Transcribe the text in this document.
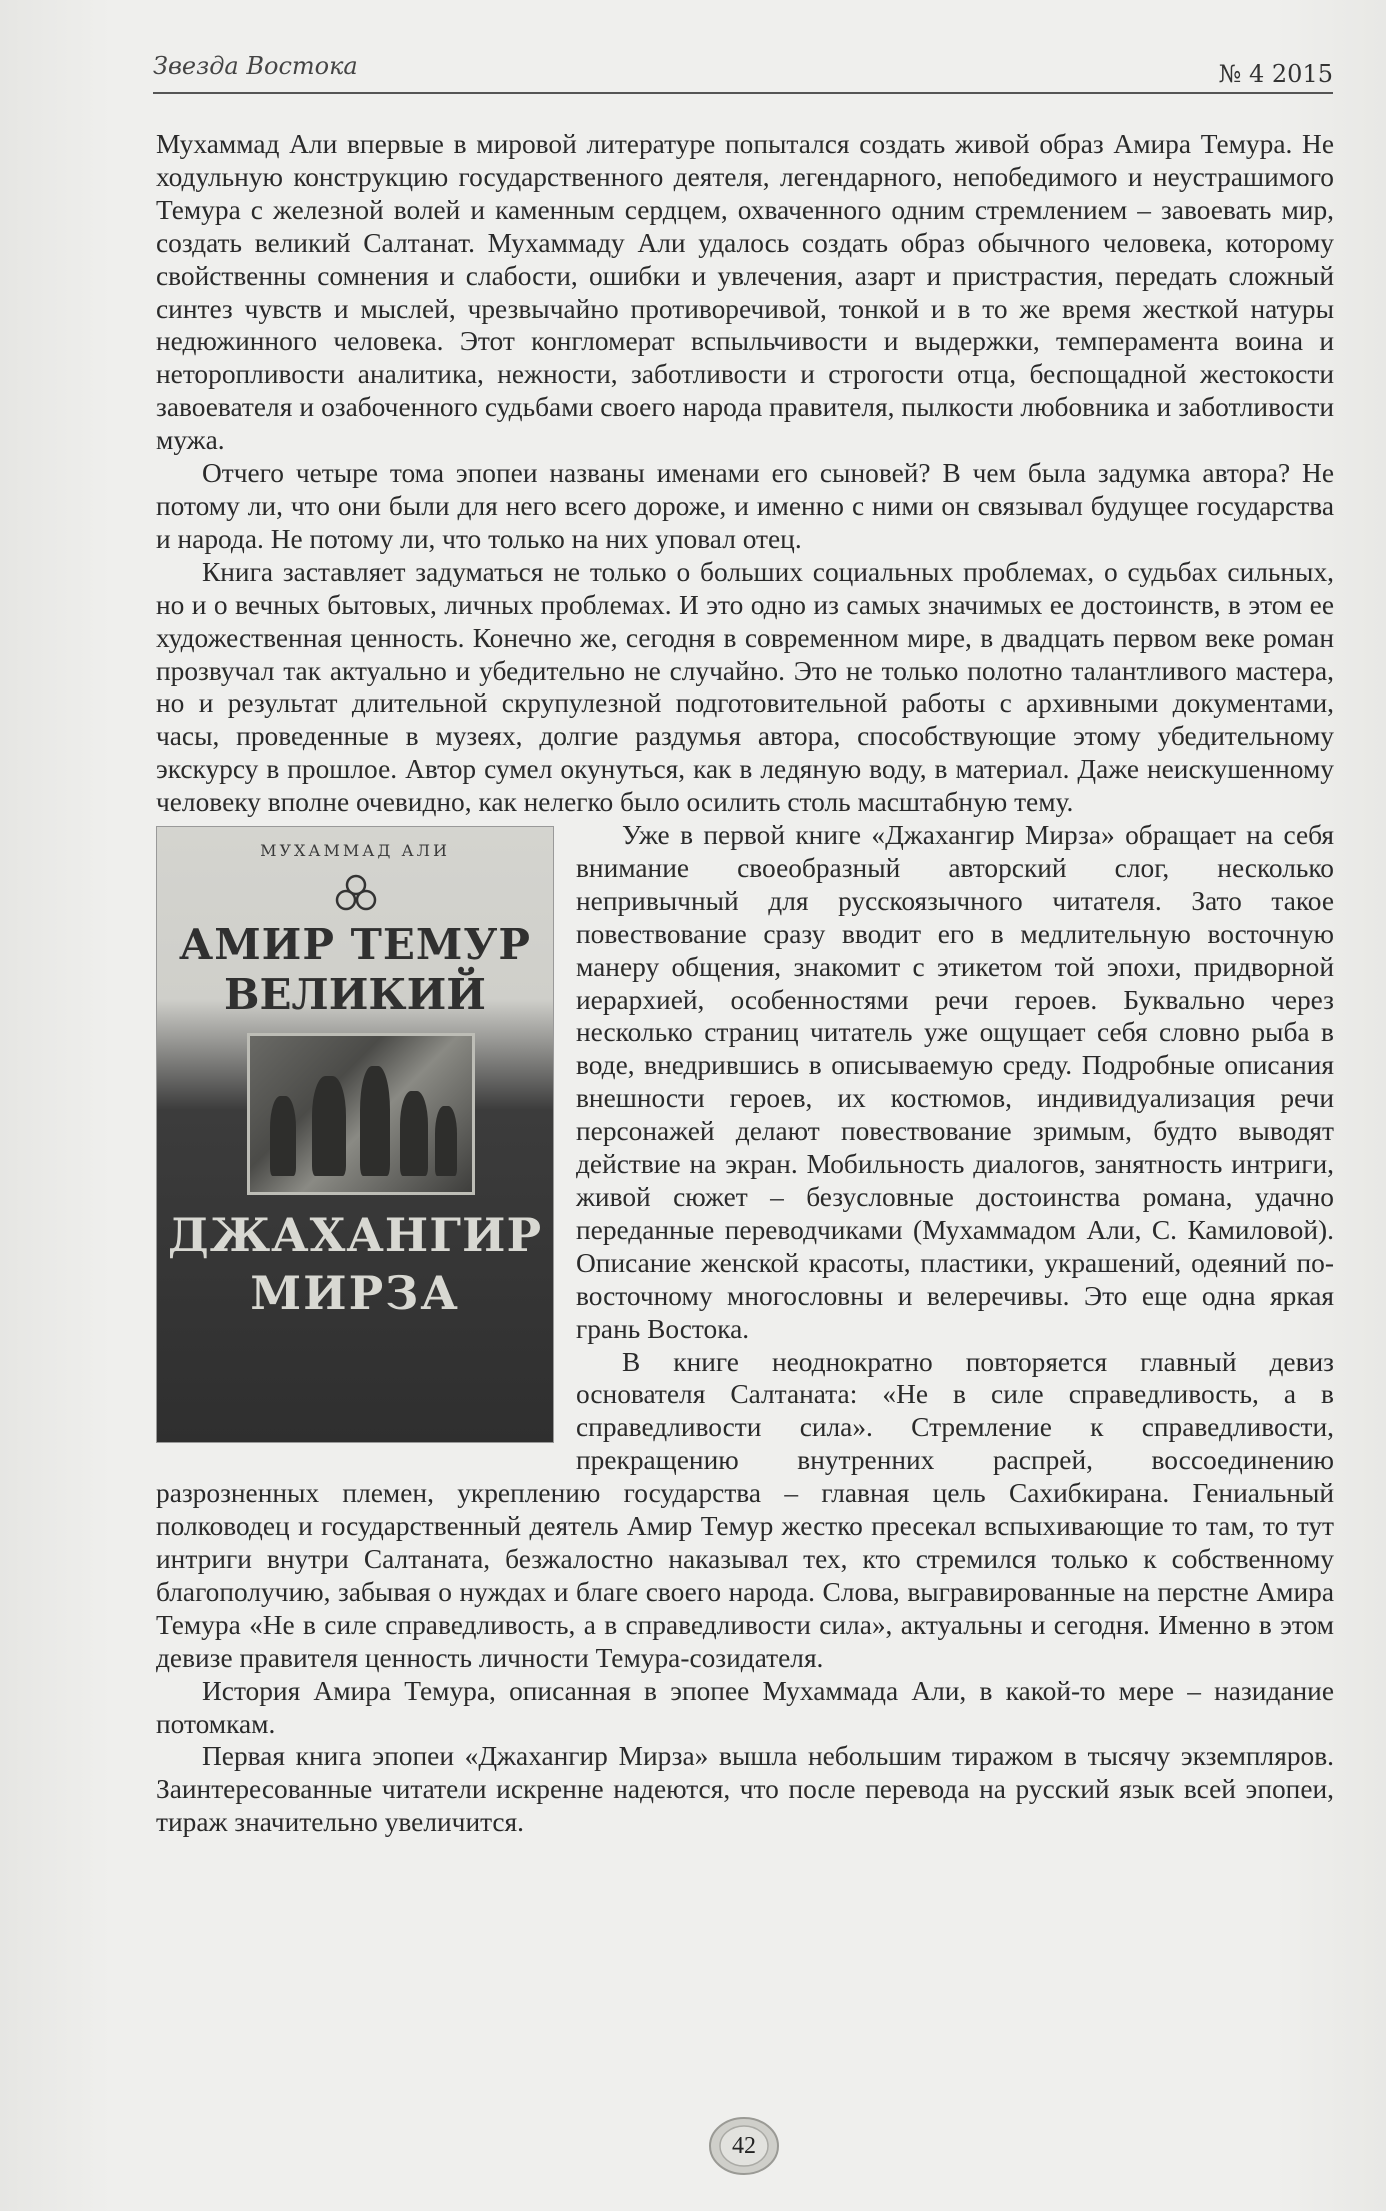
Звезда Востока	№ 4 2015

Мухаммад Али впервые в мировой литературе попытался создать живой образ Амира Темура. Не ходульную конструкцию государственного деятеля, легендарного, непобедимого и неустрашимого Темура с железной волей и каменным сердцем, охваченного одним стремлением – завоевать мир, создать великий Салтанат. Мухаммаду Али удалось создать образ обычного человека, которому свойственны сомнения и слабости, ошибки и увлечения, азарт и пристрастия, передать сложный синтез чувств и мыслей, чрезвычайно противоречивой, тонкой и в то же время жесткой натуры недюжинного человека. Этот конгломерат вспыльчивости и выдержки, темперамента воина и неторопливости аналитика, нежности, заботливости и строгости отца, беспощадной жестокости завоевателя и озабоченного судьбами своего народа правителя, пылкости любовника и заботливости мужа.

Отчего четыре тома эпопеи названы именами его сыновей? В чем была задумка автора? Не потому ли, что они были для него всего дороже, и именно с ними он связывал будущее государства и народа. Не потому ли, что только на них уповал отец.

Книга заставляет задуматься не только о больших социальных проблемах, о судьбах сильных, но и о вечных бытовых, личных проблемах. И это одно из самых значимых ее достоинств, в этом ее художественная ценность. Конечно же, сегодня в современном мире, в двадцать первом веке роман прозвучал так актуально и убедительно не случайно. Это не только полотно талантливого мастера, но и результат длительной скрупулезной подготовительной работы с архивными документами, часы, проведенные в музеях, долгие раздумья автора, способствующие этому убедительному экскурсу в прошлое. Автор сумел окунуться, как в ледяную воду, в материал. Даже неискушенному человеку вполне очевидно, как нелегко было осилить столь масштабную тему.

МУХАММАД АЛИ
АМИР ТЕМУР
ВЕЛИКИЙ
ДЖАХАНГИР
МИРЗА

Уже в первой книге «Джахангир Мирза» обращает на себя внимание своеобразный авторский слог, несколько непривычный для русскоязычного читателя. Зато такое повествование сразу вводит его в медлительную восточную манеру общения, знакомит с этикетом той эпохи, придворной иерархией, особенностями речи героев. Буквально через несколько страниц читатель уже ощущает себя словно рыба в воде, внедрившись в описываемую среду. Подробные описания внешности героев, их костюмов, индивидуализация речи персонажей делают повествование зримым, будто выводят действие на экран. Мобильность диалогов, занятность интриги, живой сюжет – безусловные достоинства романа, удачно переданные переводчиками (Мухаммадом Али, С. Камиловой). Описание женской красоты, пластики, украшений, одеяний по-восточному многословны и велеречивы. Это еще одна яркая грань Востока.

В книге неоднократно повторяется главный девиз основателя Салтаната: «Не в силе справедливость, а в справедливости сила». Стремление к справедливости, прекращению внутренних распрей, воссоединению разрозненных племен, укреплению государства – главная цель Сахибкирана. Гениальный полководец и государственный деятель Амир Темур жестко пресекал вспыхивающие то там, то тут интриги внутри Салтаната, безжалостно наказывал тех, кто стремился только к собственному благополучию, забывая о нуждах и благе своего народа. Слова, выгравированные на перстне Амира Темура «Не в силе справедливость, а в справедливости сила», актуальны и сегодня. Именно в этом девизе правителя ценность личности Темура-созидателя.

История Амира Темура, описанная в эпопее Мухаммада Али, в какой-то мере – назидание потомкам.

Первая книга эпопеи «Джахангир Мирза» вышла небольшим тиражом в тысячу экземпляров. Заинтересованные читатели искренне надеются, что после перевода на русский язык всей эпопеи, тираж значительно увеличится.

42
